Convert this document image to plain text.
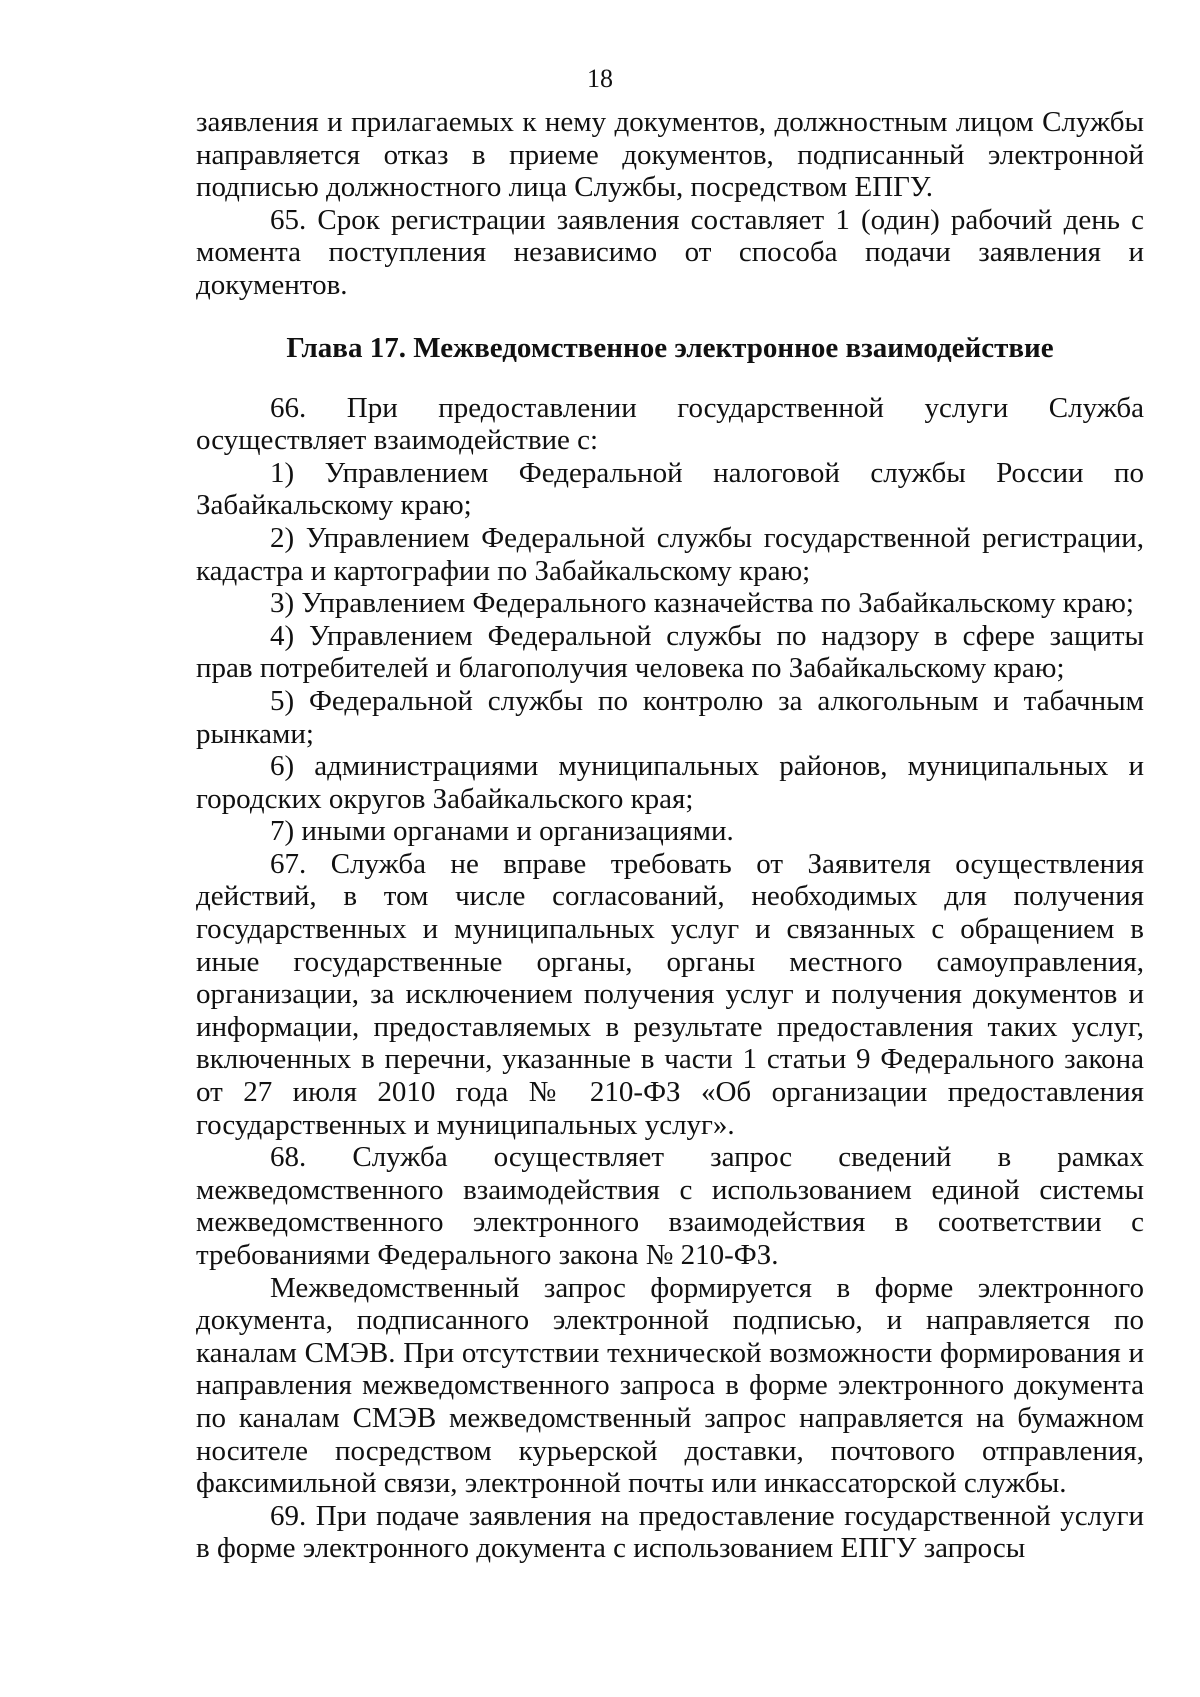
18

заявления и прилагаемых к нему документов, должностным лицом Службы направляется отказ в приеме документов, подписанный электронной подписью должностного лица Службы, посредством ЕПГУ.

65. Срок регистрации заявления составляет 1 (один) рабочий день с момента поступления независимо от способа подачи заявления и документов.

Глава 17. Межведомственное электронное взаимодействие

66. При предоставлении государственной услуги Служба осуществляет взаимодействие с:

1) Управлением Федеральной налоговой службы России по Забайкальскому краю;

2) Управлением Федеральной службы государственной регистрации, кадастра и картографии по Забайкальскому краю;

3) Управлением Федерального казначейства по Забайкальскому краю;

4) Управлением Федеральной службы по надзору в сфере защиты прав потребителей и благополучия человека по Забайкальскому краю;

5) Федеральной службы по контролю за алкогольным и табачным рынками;

6) администрациями муниципальных районов, муниципальных и городских округов Забайкальского края;

7) иными органами и организациями.

67. Служба не вправе требовать от Заявителя осуществления действий, в том числе согласований, необходимых для получения государственных и муниципальных услуг и связанных с обращением в иные государственные органы, органы местного самоуправления, организации, за исключением получения услуг и получения документов и информации, предоставляемых в результате предоставления таких услуг, включенных в перечни, указанные в части 1 статьи 9 Федерального закона от 27 июля 2010 года № 210-ФЗ «Об организации предоставления государственных и муниципальных услуг».

68. Служба осуществляет запрос сведений в рамках межведомственного взаимодействия с использованием единой системы межведомственного электронного взаимодействия в соответствии с требованиями Федерального закона № 210-ФЗ.

Межведомственный запрос формируется в форме электронного документа, подписанного электронной подписью, и направляется по каналам СМЭВ. При отсутствии технической возможности формирования и направления межведомственного запроса в форме электронного документа по каналам СМЭВ межведомственный запрос направляется на бумажном носителе посредством курьерской доставки, почтового отправления, факсимильной связи, электронной почты или инкассаторской службы.

69. При подаче заявления на предоставление государственной услуги в форме электронного документа с использованием ЕПГУ запросы
